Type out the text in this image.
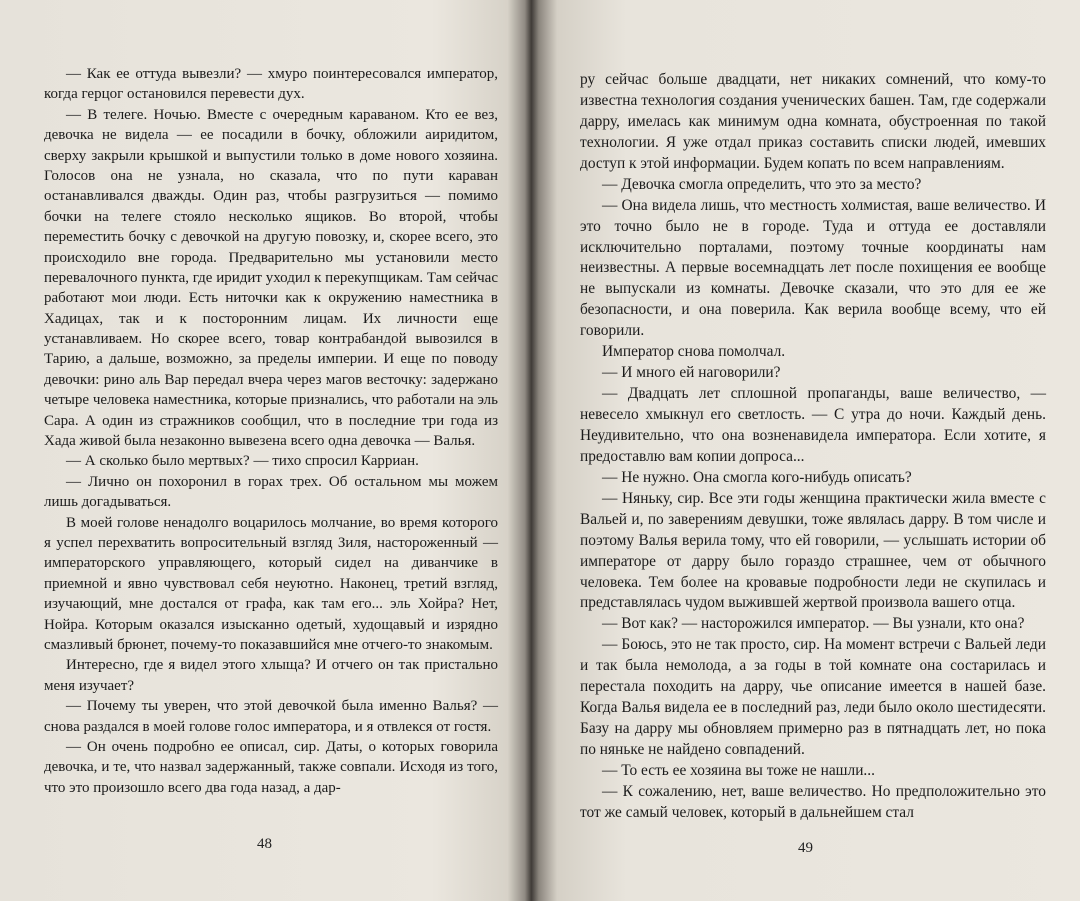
— Как ее оттуда вывезли? — хмуро поинтересовался император, когда герцог остановился перевести дух.

— В телеге. Ночью. Вместе с очередным караваном. Кто ее вез, девочка не видела — ее посадили в бочку, обложили аиридитом, сверху закрыли крышкой и выпустили только в доме нового хозяина. Голосов она не узнала, но сказала, что по пути караван останавливался дважды. Один раз, чтобы разгрузиться — помимо бочки на телеге стояло несколько ящиков. Во второй, чтобы переместить бочку с девочкой на другую повозку, и, скорее всего, это происходило вне города. Предварительно мы установили место перевалочного пункта, где иридит уходил к перекупщикам. Там сейчас работают мои люди. Есть ниточки как к окружению наместника в Хадицах, так и к посторонним лицам. Их личности еще устанавливаем. Но скорее всего, товар контрабандой вывозился в Тарию, а дальше, возможно, за пределы империи. И еще по поводу девочки: рино аль Вар передал вчера через магов весточку: задержано четыре человека наместника, которые признались, что работали на эль Сара. А один из стражников сообщил, что в последние три года из Хада живой была незаконно вывезена всего одна девочка — Валья.

— А сколько было мертвых? — тихо спросил Карриан.

— Лично он похоронил в горах трех. Об остальном мы можем лишь догадываться.

В моей голове ненадолго воцарилось молчание, во время которого я успел перехватить вопросительный взгляд Зиля, настороженный — императорского управляющего, который сидел на диванчике в приемной и явно чувствовал себя неуютно. Наконец, третий взгляд, изучающий, мне достался от графа, как там его... эль Хойра? Нет, Нойра. Которым оказался изысканно одетый, худощавый и изрядно смазливый брюнет, почему-то показавшийся мне отчего-то знакомым.

Интересно, где я видел этого хлыща? И отчего он так пристально меня изучает?

— Почему ты уверен, что этой девочкой была именно Валья? — снова раздался в моей голове голос императора, и я отвлекся от гостя.

— Он очень подробно ее описал, сир. Даты, о которых говорила девочка, и те, что назвал задержанный, также совпали. Исходя из того, что это произошло всего два года назад, а дар-

48

ру сейчас больше двадцати, нет никаких сомнений, что кому-то известна технология создания ученических башен. Там, где содержали дарру, имелась как минимум одна комната, обустроенная по такой технологии. Я уже отдал приказ составить списки людей, имевших доступ к этой информации. Будем копать по всем направлениям.

— Девочка смогла определить, что это за место?

— Она видела лишь, что местность холмистая, ваше величество. И это точно было не в городе. Туда и оттуда ее доставляли исключительно порталами, поэтому точные координаты нам неизвестны. А первые восемнадцать лет после похищения ее вообще не выпускали из комнаты. Девочке сказали, что это для ее же безопасности, и она поверила. Как верила вообще всему, что ей говорили.

Император снова помолчал.

— И много ей наговорили?

— Двадцать лет сплошной пропаганды, ваше величество, — невесело хмыкнул его светлость. — С утра до ночи. Каждый день. Неудивительно, что она возненавидела императора. Если хотите, я предоставлю вам копии допроса...

— Не нужно. Она смогла кого-нибудь описать?

— Няньку, сир. Все эти годы женщина практически жила вместе с Вальей и, по заверениям девушки, тоже являлась дарру. В том числе и поэтому Валья верила тому, что ей говорили, — услышать истории об императоре от дарру было гораздо страшнее, чем от обычного человека. Тем более на кровавые подробности леди не скупилась и представлялась чудом выжившей жертвой произвола вашего отца.

— Вот как? — насторожился император. — Вы узнали, кто она?

— Боюсь, это не так просто, сир. На момент встречи с Вальей леди и так была немолода, а за годы в той комнате она состарилась и перестала походить на дарру, чье описание имеется в нашей базе. Когда Валья видела ее в последний раз, леди было около шестидесяти. Базу на дарру мы обновляем примерно раз в пятнадцать лет, но пока по няньке не найдено совпадений.

— То есть ее хозяина вы тоже не нашли...

— К сожалению, нет, ваше величество. Но предположительно это тот же самый человек, который в дальнейшем стал

49
